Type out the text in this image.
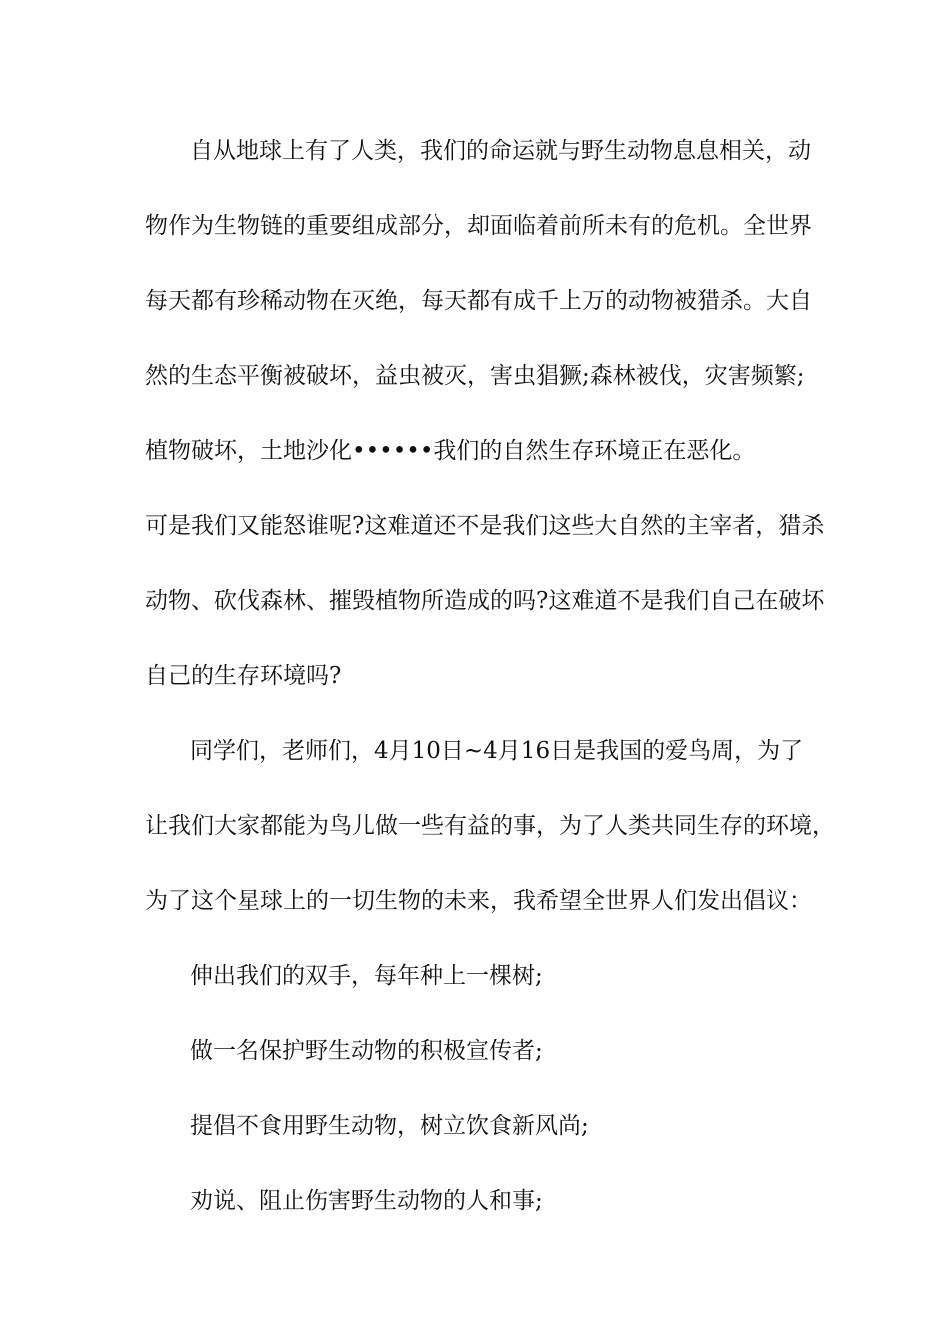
自从地球上有了人类，我们的命运就与野生动物息息相关，动
物作为生物链的重要组成部分，却面临着前所未有的危机。全世界
每天都有珍稀动物在灭绝，每天都有成千上万的动物被猎杀。大自
然的生态平衡被破坏，益虫被灭，害虫猖獗;森林被伐，灾害频繁;
植物破坏，土地沙化••••••我们的自然生存环境正在恶化。
可是我们又能怒谁呢?这难道还不是我们这些大自然的主宰者，猎杀
动物、砍伐森林、摧毁植物所造成的吗?这难道不是我们自己在破坏
自己的生存环境吗?
同学们，老师们，4月10日~4月16日是我国的爱鸟周，为了
让我们大家都能为鸟儿做一些有益的事，为了人类共同生存的环境，
为了这个星球上的一切生物的未来，我希望全世界人们发出倡议：
伸出我们的双手，每年种上一棵树;
做一名保护野生动物的积极宣传者;
提倡不食用野生动物，树立饮食新风尚;
劝说、阻止伤害野生动物的人和事;
